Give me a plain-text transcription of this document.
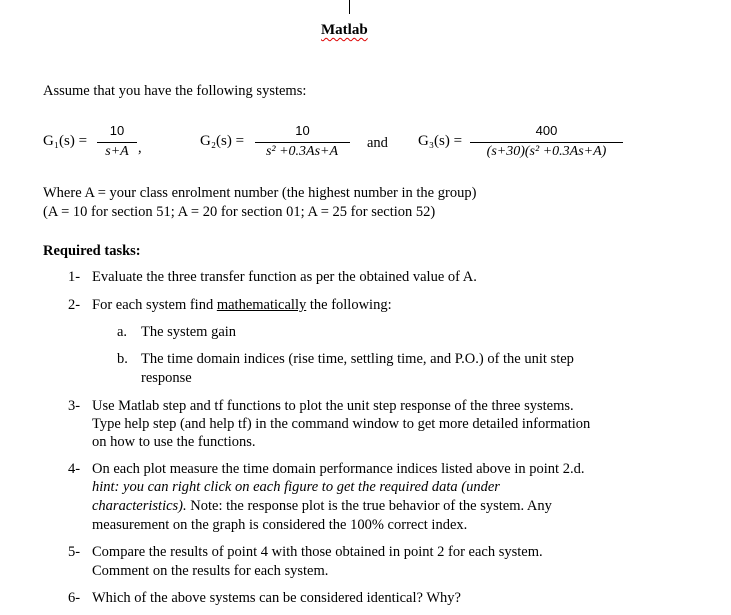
Matlab
Assume that you have the following systems:
G₁(s) =
10
s+A ,	G₂(s) =
10
s² +0.3As+A
and G₃(s) =
400
(s+30)(s² +0.3As+A)
Where A = your class enrolment number (the highest number in the group)
(A = 10 for section 51; A = 20 for section 01; A = 25 for section 52)
Required tasks:
1- Evaluate the three transfer function as per the obtained value of A.
2- For each system find mathematically the following:
a. The system gain
b. The time domain indices (rise time, settling time, and P.O.) of the unit step
response
3- Use Matlab step and tf functions to plot the unit step response of the three systems.
Type help step (and help tf) in the command window to get more detailed information
on how to use the functions.
4- On each plot measure the time domain performance indices listed above in point 2.d.
hint: you can right click on each figure to get the required data (under
characteristics). Note: the response plot is the true behavior of the system. Any
measurement on the graph is considered the 100% correct index.
5- Compare the results of point 4 with those obtained in point 2 for each system.
Comment on the results for each system.
6- Which of the above systems can be considered identical? Why?
